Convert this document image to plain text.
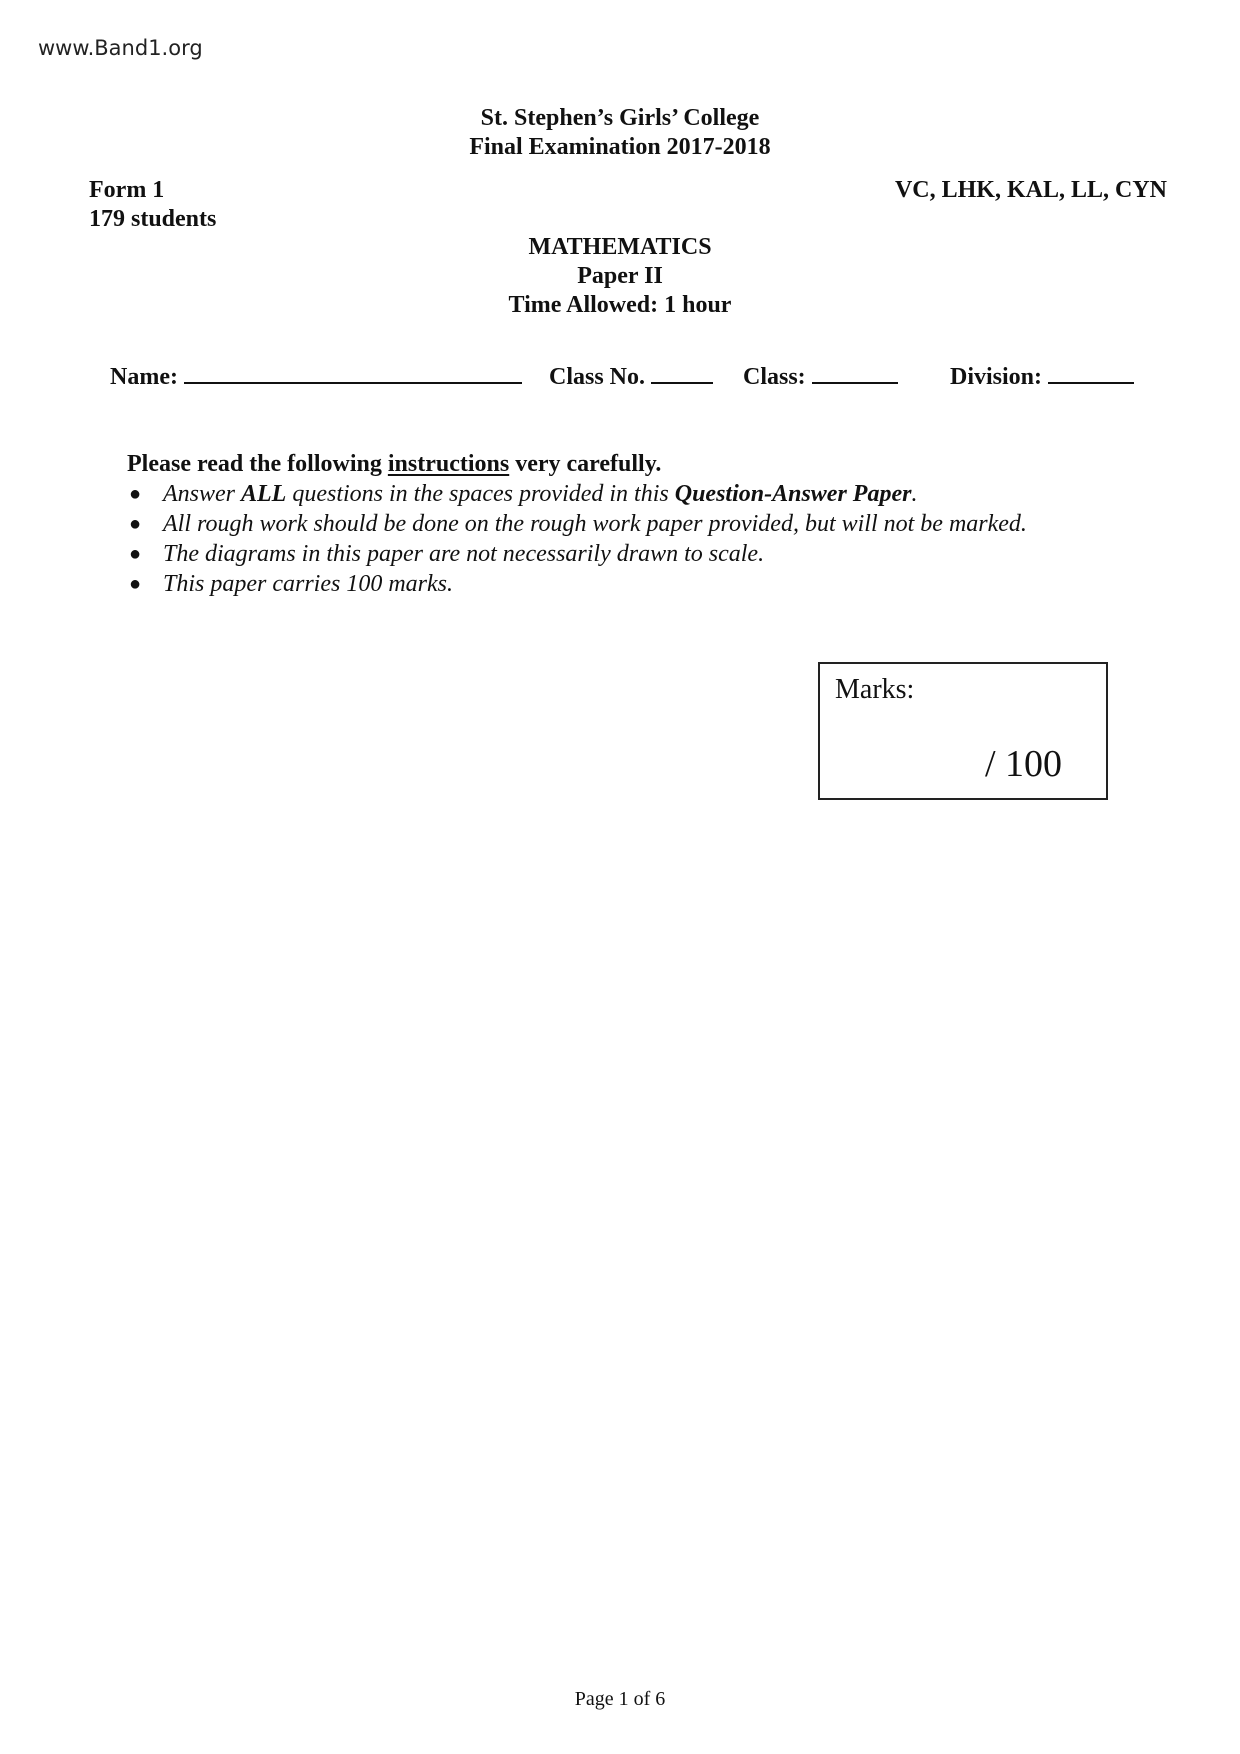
www.Band1.org
St. Stephen’s Girls’ College
Final Examination 2017-2018
Form 1
179 students
VC, LHK, KAL, LL, CYN
MATHEMATICS
Paper II
Time Allowed: 1 hour
Name:	Class No.	Class:	Division:
Please read the following instructions very carefully.
● Answer ALL questions in the spaces provided in this Question-Answer Paper.
● All rough work should be done on the rough work paper provided, but will not be marked.
● The diagrams in this paper are not necessarily drawn to scale.
● This paper carries 100 marks.
Marks:
/ 100
Page 1 of 6
